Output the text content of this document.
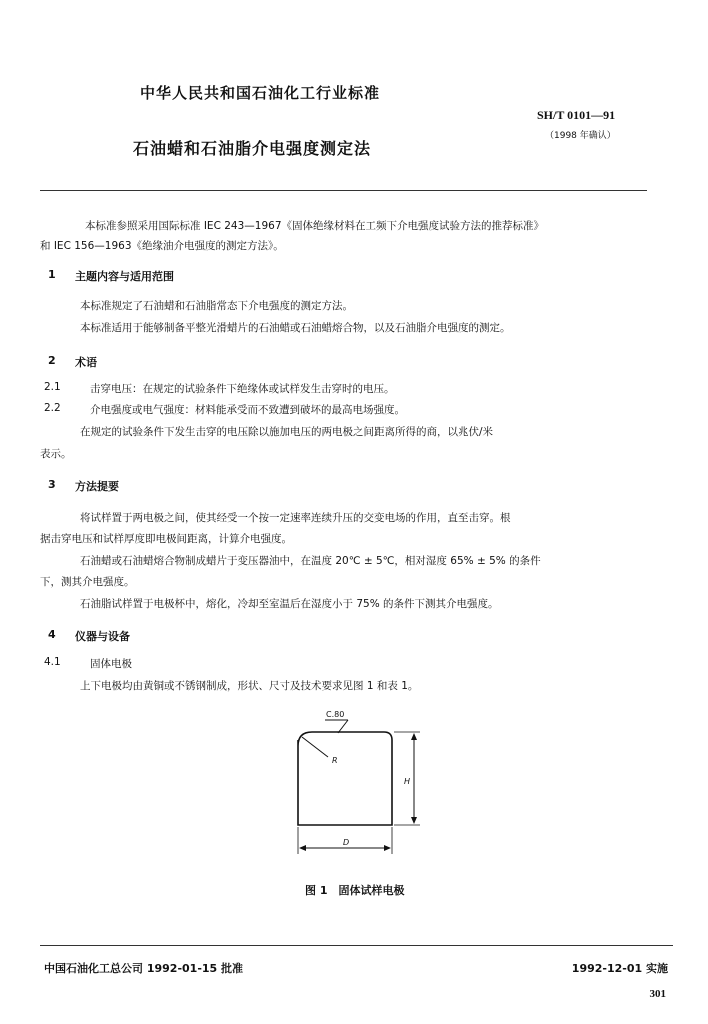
中华人民共和国石油化工行业标准
SH/T 0101—91
（1998 年确认）
石油蜡和石油脂介电强度测定法
本标准参照采用国际标准 IEC 243—1967《固体绝缘材料在工频下介电强度试验方法的推荐标准》
和 IEC 156—1963《绝缘油介电强度的测定方法》。
1 主题内容与适用范围
本标准规定了石油蜡和石油脂常态下介电强度的测定方法。
本标准适用于能够制备平整光滑蜡片的石油蜡或石油蜡熔合物，以及石油脂介电强度的测定。
2 术语
2.1	击穿电压：在规定的试验条件下绝缘体或试样发生击穿时的电压。
2.2	介电强度或电气强度：材料能承受而不致遭到破坏的最高电场强度。
在规定的试验条件下发生击穿的电压除以施加电压的两电极之间距离所得的商，以兆伏/米
表示。
3 方法提要
将试样置于两电极之间，使其经受一个按一定速率连续升压的交变电场的作用，直至击穿。根
据击穿电压和试样厚度即电极间距离，计算介电强度。
石油蜡或石油蜡熔合物制成蜡片于变压器油中，在温度 20℃ ± 5℃，相对湿度 65% ± 5% 的条件
下，测其介电强度。
石油脂试样置于电极杯中，熔化，冷却至室温后在湿度小于 75% 的条件下测其介电强度。
4 仪器与设备
4.1	固体电极
上下电极均由黄铜或不锈钢制成，形状、尺寸及技术要求见图 1 和表 1。
C.80
R
H
D
图 1　固体试样电极
中国石油化工总公司 1992-01-15 批准	1992-12-01 实施
301
